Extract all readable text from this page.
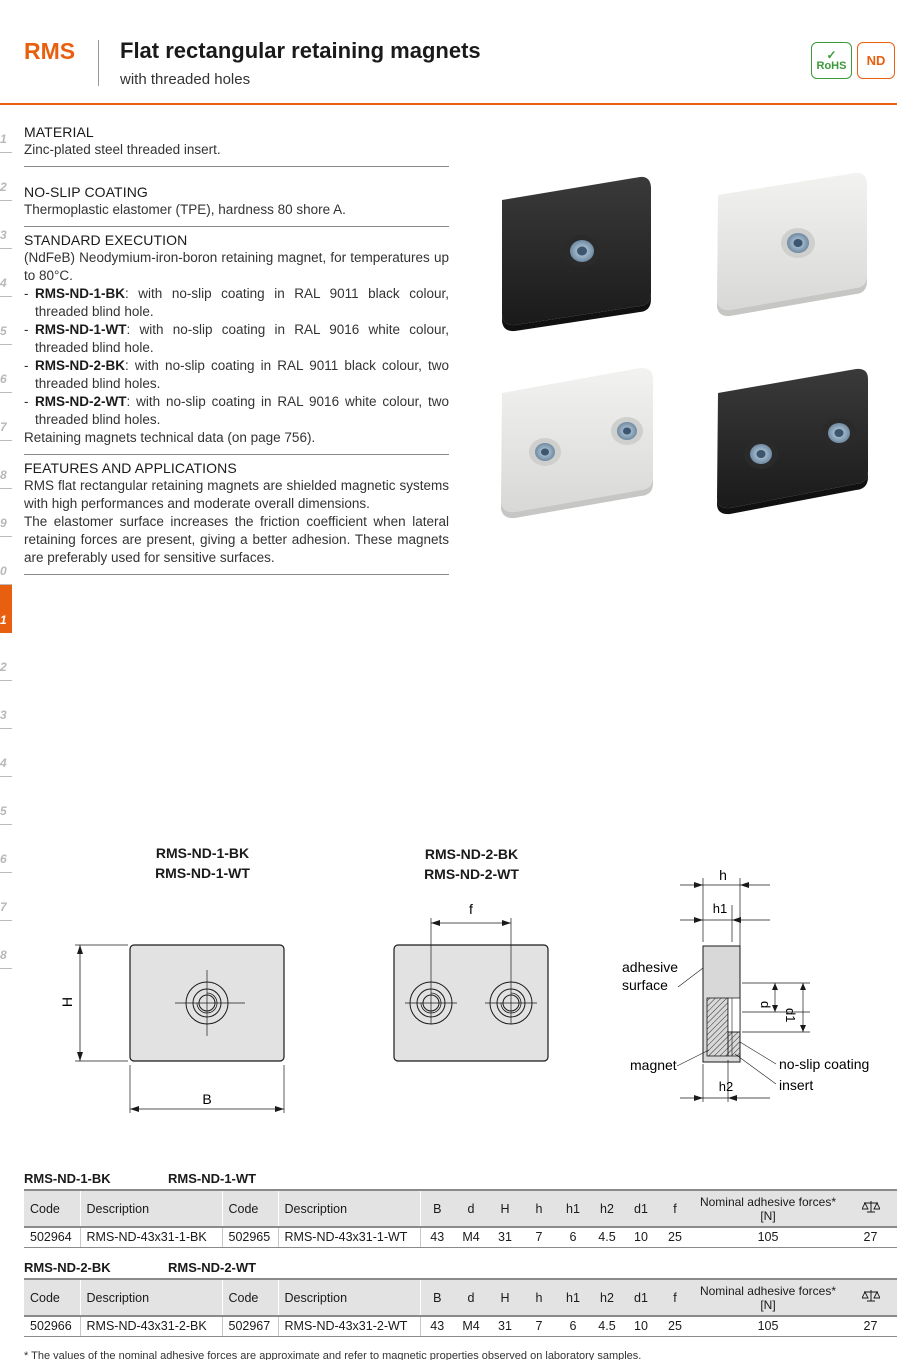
RMS Flat rectangular retaining magnets
with threaded holes
✓
RoHS	ND
1
2
3
4
5
6
7
8
9
0
1
2
3
4
5
6
7
8
MATERIAL
Zinc-plated steel threaded insert.
NO-SLIP COATING
Thermoplastic elastomer (TPE), hardness 80 shore A.
STANDARD EXECUTION
(NdFeB) Neodymium-iron-boron retaining magnet, for temperatures up to 80°C.
- RMS-ND-1-BK: with no-slip coating in RAL 9011 black colour, threaded blind hole.
- RMS-ND-1-WT: with no-slip coating in RAL 9016 white colour, threaded blind hole.
- RMS-ND-2-BK: with no-slip coating in RAL 9011 black colour, two threaded blind holes.
- RMS-ND-2-WT: with no-slip coating in RAL 9016 white colour, two threaded blind holes.
Retaining magnets technical data (on page 756).
FEATURES AND APPLICATIONS
RMS flat rectangular retaining magnets are shielded magnetic systems with high performances and moderate overall dimensions.
The elastomer surface increases the friction coefficient when lateral retaining forces are present, giving a better adhesion. These magnets are preferably used for sensitive surfaces.
RMS-ND-1-BK
RMS-ND-1-WT
RMS-ND-2-BK
RMS-ND-2-WT
H
B
f
h
h1
d
d1
h2
adhesive
surface
magnet	no-slip coating
insert
RMS-ND-1-BK	RMS-ND-1-WT
Code	Description	Code	Description	B	d	H	h	h1	h2	d1	f	Nominal adhesive forces*
[N]

502964	RMS-ND-43x31-1-BK	502965	RMS-ND-43x31-1-WT	43	M4	31	7	6	4.5	10	25	105	27
RMS-ND-2-BK	RMS-ND-2-WT
Code	Description	Code	Description	B	d	H	h	h1	h2	d1	f	Nominal adhesive forces*
[N]

502966	RMS-ND-43x31-2-BK	502967	RMS-ND-43x31-2-WT	43	M4	31	7	6	4.5	10	25	105	27
* The values of the nominal adhesive forces are approximate and refer to magnetic properties observed on laboratory samples.
